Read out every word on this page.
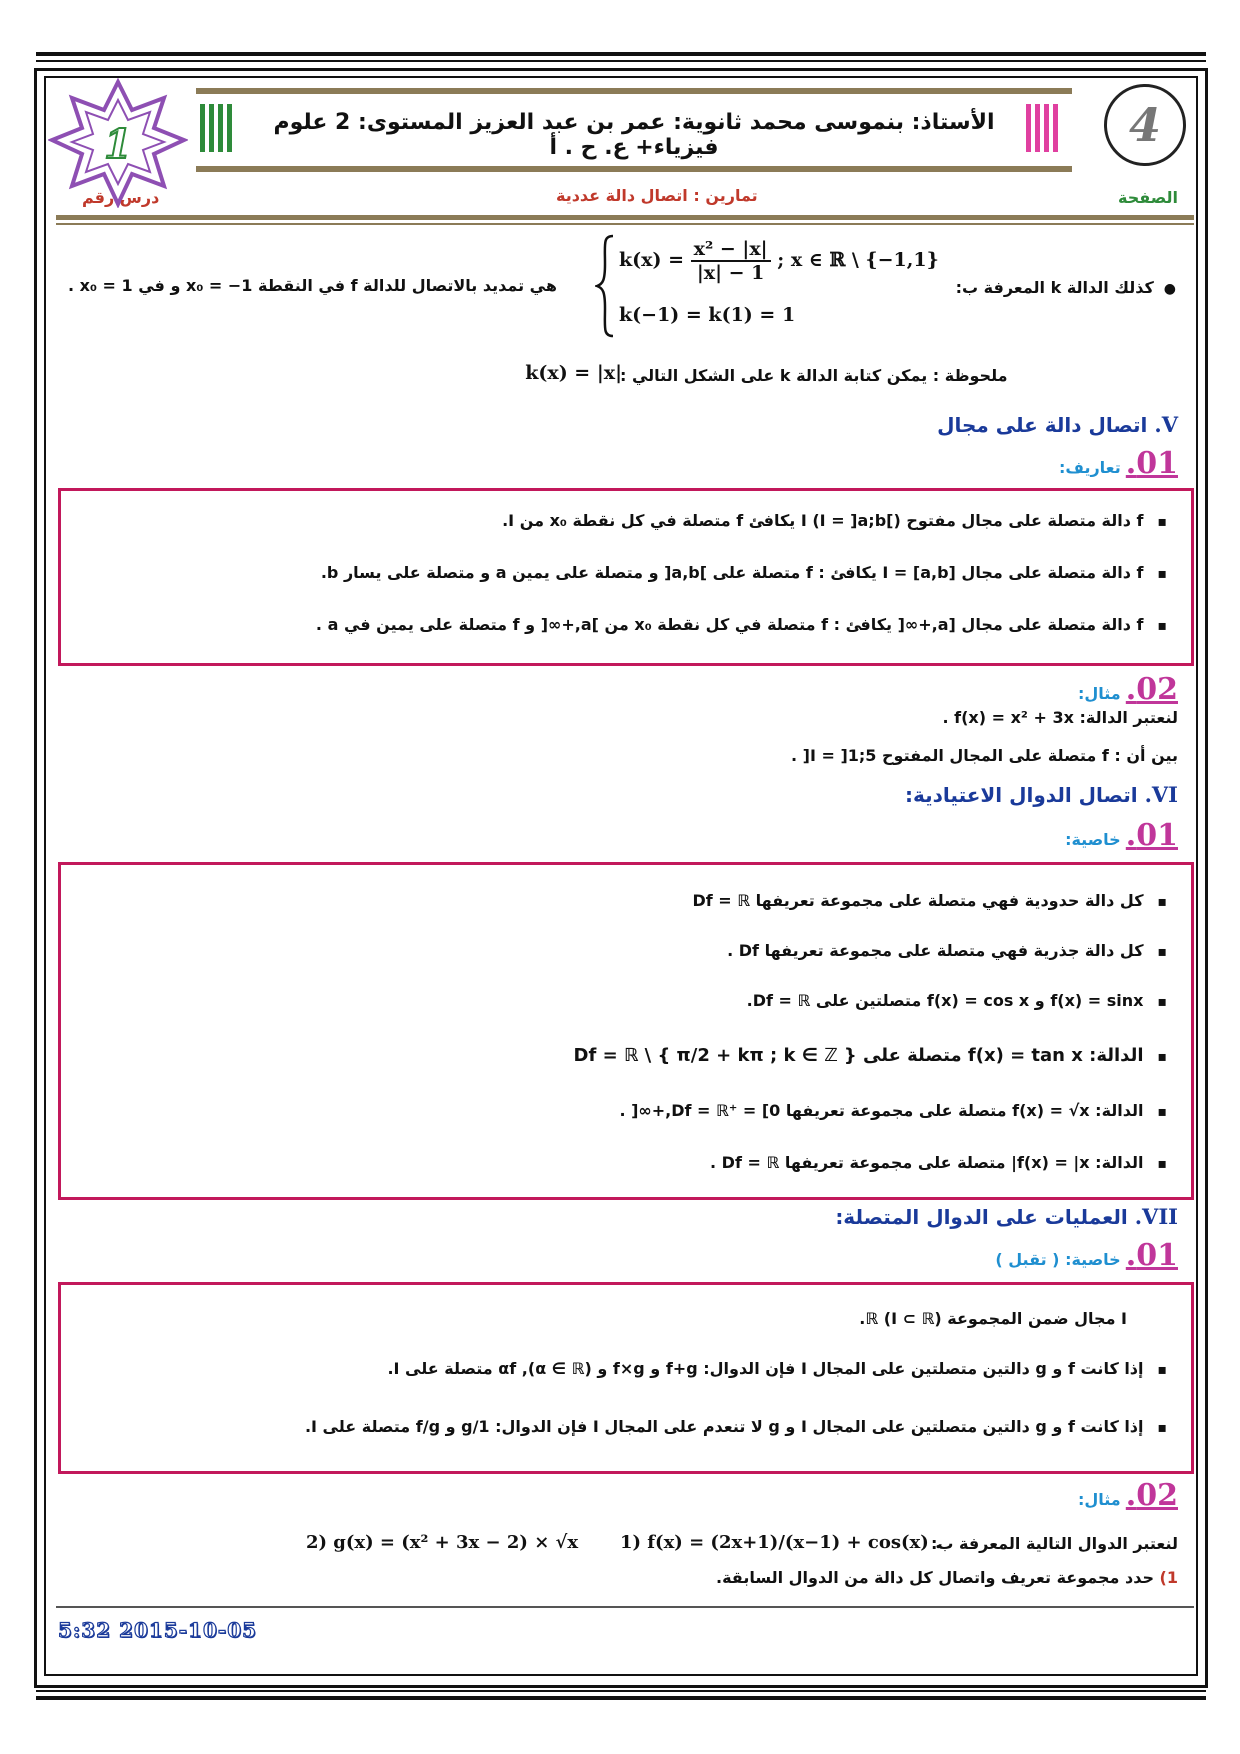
1	الأستاذ: بنموسى محمد ثانوية: عمر بن عبد العزيز المستوى: 2 علوم فيزياء+ ع. ح . أ	4
درس رقم	تمارين : اتصال دالة عددية	الصفحة
●كذلك الدالة k المعرفة ب:
$k(x) = \frac{\text{x² − |x|}}{|x| - 1}$ ; x ∈ ℝ \ {−1,1}
k(−1) = k(1) = 1
هي تمديد بالاتصال للدالة f في النقطة x₀ = −1 و في x₀ = 1 .
ملحوظة : يمكن كتابة الدالة k على الشكل التالي :
k(x) = |x|
V. اتصال دالة على مجال
01. تعاريف:
▪ f دالة متصلة على مجال مفتوح I (I = ]a;b[) يكافئ f متصلة في كل نقطة x₀ من I.
▪ f دالة متصلة على مجال I = [a,b] يكافئ : f متصلة على ]a,b[ و متصلة على يمين a و متصلة على يسار b.
▪ f دالة متصلة على مجال [a,+∞[ يكافئ : f متصلة في كل نقطة x₀ من ]a,+∞[ و f متصلة على يمين في a .
02. مثال:
لنعتبر الدالة: f(x) = x² + 3x .
بين أن : f متصلة على المجال المفتوح I = ]1;5[ .
VI. اتصال الدوال الاعتيادية:
01. خاصية:
▪ كل دالة حدودية فهي متصلة على مجموعة تعريفها Df = ℝ
▪ كل دالة جذرية فهي متصلة على مجموعة تعريفها Df .
▪ f(x) = sinx و f(x) = cos x متصلتين على Df = ℝ.
▪ الدالة: f(x) = tan x متصلة على Df = ℝ \ { π/2 + kπ ; k ∈ ℤ }
▪ الدالة: f(x) = √x متصلة على مجموعة تعريفها Df = ℝ⁺ = [0,+∞[ .
▪ الدالة: f(x) = |x| متصلة على مجموعة تعريفها Df = ℝ .
VII. العمليات على الدوال المتصلة:
01. خاصية: ( تقبل )
I مجال ضمن المجموعة ℝ (I ⊂ ℝ).
▪ إذا كانت f و g دالتين متصلتين على المجال I فإن الدوال: f+g و f×g و αf ,(α ∈ ℝ) متصلة على I.
▪ إذا كانت f و g دالتين متصلتين على المجال I و g لا تنعدم على المجال I فإن الدوال: 1/g و f/g متصلة على I.
02. مثال:
لنعتبر الدوال التالية المعرفة ب:
1) f(x) = (2x+1)/(x−1) + cos(x) .
2) g(x) = (x² + 3x − 2) × √x
1) حدد مجموعة تعريف واتصال كل دالة من الدوال السابقة.
5:32 2015-10-05
